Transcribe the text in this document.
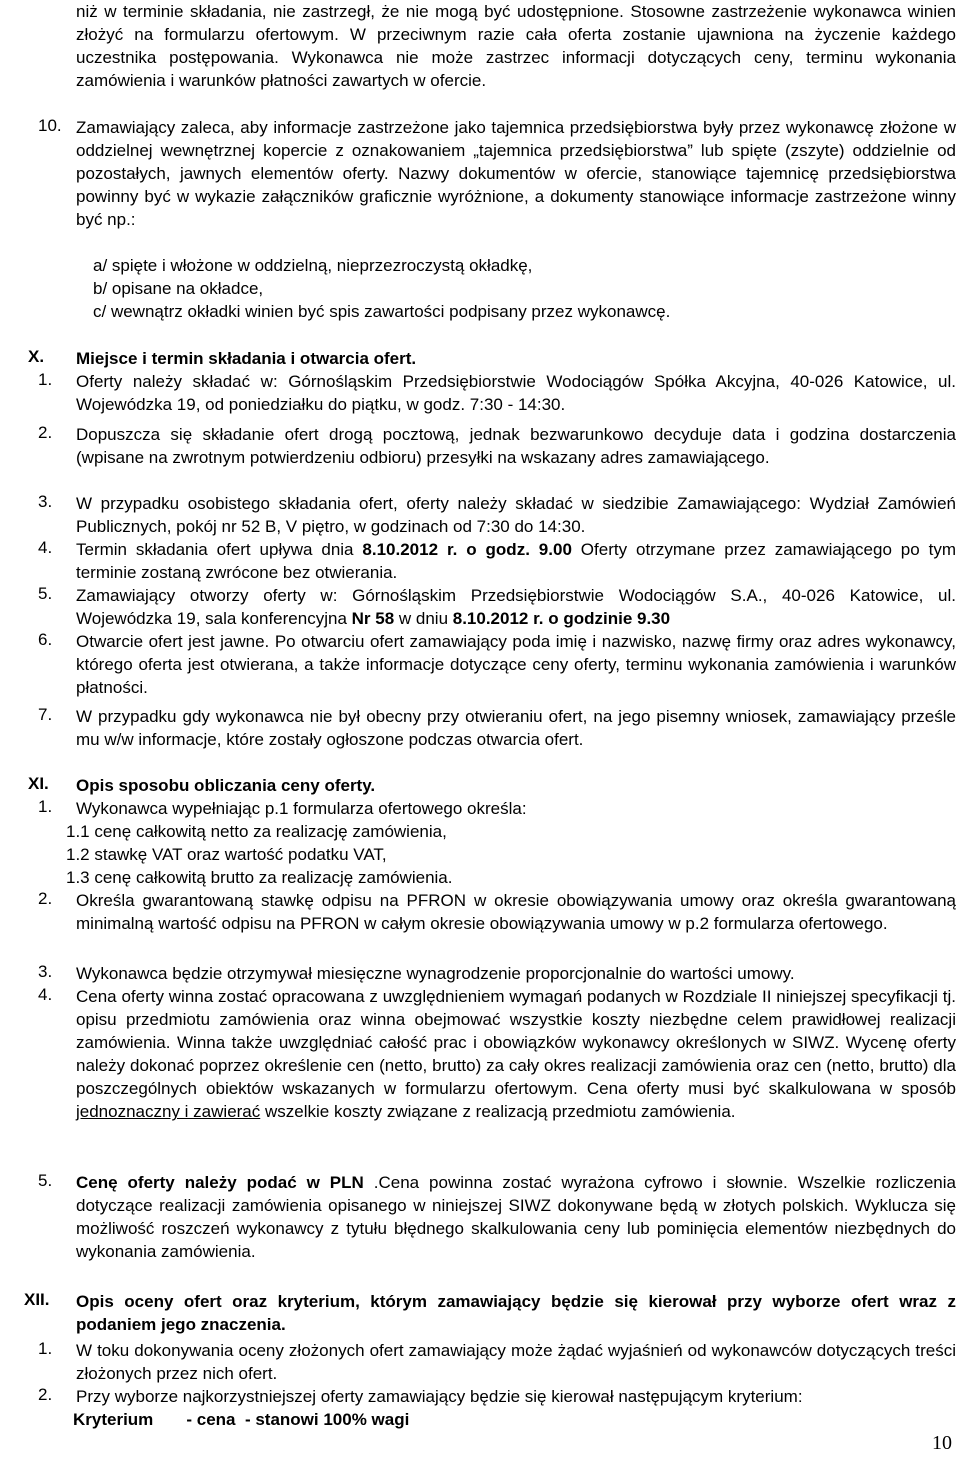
niż w terminie składania, nie zastrzegł, że nie mogą być udostępnione. Stosowne zastrzeżenie wykonawca winien złożyć na formularzu ofertowym. W przeciwnym razie cała oferta zostanie ujawniona na życzenie każdego uczestnika postępowania. Wykonawca nie może zastrzec informacji dotyczących ceny, terminu wykonania zamówienia i warunków płatności zawartych w ofercie.

10. Zamawiający zaleca, aby informacje zastrzeżone jako tajemnica przedsiębiorstwa były przez wykonawcę złożone w oddzielnej wewnętrznej kopercie z oznakowaniem „tajemnica przedsiębiorstwa” lub spięte (zszyte) oddzielnie od pozostałych, jawnych elementów oferty. Nazwy dokumentów w ofercie, stanowiące tajemnicę przedsiębiorstwa powinny być w wykazie załączników graficznie wyróżnione, a dokumenty stanowiące informacje zastrzeżone winny być np.:

a/ spięte i włożone w oddzielną, nieprzezroczystą okładkę,
b/ opisane na okładce,
c/ wewnątrz okładki winien być spis zawartości podpisany przez wykonawcę.
X. Miejsce i termin składania i otwarcia ofert.
1.	Oferty należy składać w: Górnośląskim Przedsiębiorstwie Wodociągów Spółka Akcyjna, 40-026 Katowice, ul. Wojewódzka 19, od poniedziałku do piątku, w godz. 7:30 - 14:30.

2.	Dopuszcza się składanie ofert drogą pocztową, jednak bezwarunkowo decyduje data i godzina dostarczenia (wpisane na zwrotnym potwierdzeniu odbioru) przesyłki na wskazany adres zamawiającego.

3.	W przypadku osobistego składania ofert, oferty należy składać w siedzibie Zamawiającego: Wydział Zamówień Publicznych, pokój nr 52 B, V piętro, w godzinach od 7:30 do 14:30.

4.	Termin składania ofert upływa dnia 8.10.2012 r. o godz. 9.00 Oferty otrzymane przez zamawiającego po tym terminie zostaną zwrócone bez otwierania.

5.	Zamawiający otworzy oferty w: Górnośląskim Przedsiębiorstwie Wodociągów S.A., 40-026 Katowice, ul. Wojewódzka 19, sala konferencyjna Nr 58 w dniu 8.10.2012 r. o godzinie 9.30

6.	Otwarcie ofert jest jawne. Po otwarciu ofert zamawiający poda imię i nazwisko, nazwę firmy oraz adres wykonawcy, którego oferta jest otwierana, a także informacje dotyczące ceny oferty, terminu wykonania zamówienia i warunków płatności.

7.	W przypadku gdy wykonawca nie był obecny przy otwieraniu ofert, na jego pisemny wniosek, zamawiający prześle mu w/w informacje, które zostały ogłoszone podczas otwarcia ofert.

XI. Opis sposobu obliczania ceny oferty.
1.	Wykonawca wypełniając p.1 formularza ofertowego określa:

1.1 cenę całkowitą netto za realizację zamówienia,
1.2 stawkę VAT oraz wartość podatku VAT,
1.3 cenę całkowitą brutto za realizację zamówienia.
2.	Określa gwarantowaną stawkę odpisu na PFRON w okresie obowiązywania umowy oraz określa gwarantowaną minimalną wartość odpisu na PFRON w całym okresie obowiązywania umowy w p.2 formularza ofertowego.

3.	Wykonawca będzie otrzymywał miesięczne wynagrodzenie proporcjonalnie do wartości umowy.

4.	Cena oferty winna zostać opracowana z uwzględnieniem wymagań podanych w Rozdziale II niniejszej specyfikacji tj. opisu przedmiotu zamówienia oraz winna obejmować wszystkie koszty niezbędne celem prawidłowej realizacji zamówienia. Winna także uwzględniać całość prac i obowiązków wykonawcy określonych w SIWZ. Wycenę oferty należy dokonać poprzez określenie cen (netto, brutto) za cały okres realizacji zamówienia oraz cen (netto, brutto) dla poszczególnych obiektów wskazanych w formularzu ofertowym. Cena oferty musi być skalkulowana w sposób jednoznaczny i zawierać wszelkie koszty związane z realizacją przedmiotu zamówienia.

5.	Cenę oferty należy podać w PLN .Cena powinna zostać wyrażona cyfrowo i słownie. Wszelkie rozliczenia dotyczące realizacji zamówienia opisanego w niniejszej SIWZ dokonywane będą w złotych polskich. Wyklucza się możliwość roszczeń wykonawcy z tytułu błędnego skalkulowania ceny lub pominięcia elementów niezbędnych do wykonania zamówienia.

XII. Opis oceny ofert oraz kryterium, którym zamawiający będzie się kierował przy wyborze ofert wraz z podaniem jego znaczenia.
1.	W toku dokonywania oceny złożonych ofert zamawiający może żądać wyjaśnień od wykonawców dotyczących treści złożonych przez nich ofert.

2.	Przy wyborze najkorzystniejszej oferty zamawiający będzie się kierował następującym kryterium:

Kryterium       - cena  - stanowi 100% wagi
10
